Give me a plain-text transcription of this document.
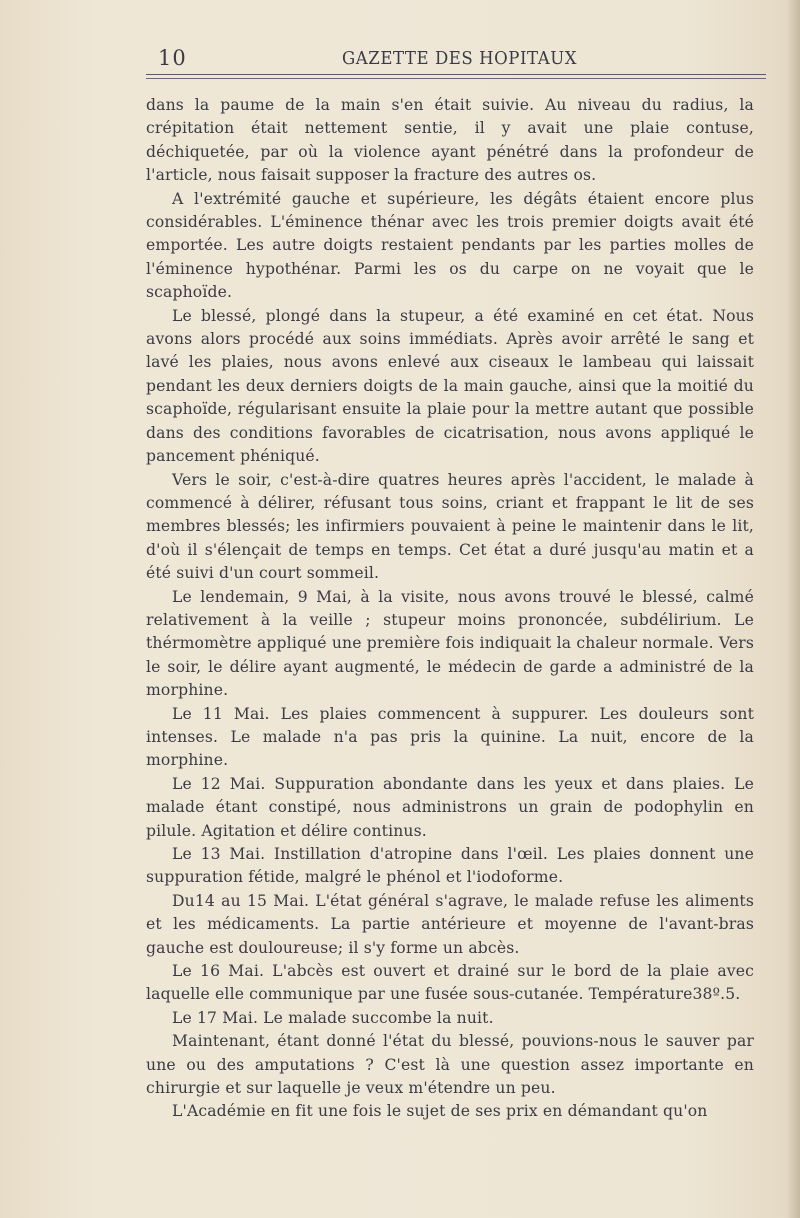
10	GAZETTE DES HOPITAUX

dans la paume de la main s'en était suivie. Au niveau du radius, la crépitation était nettement sentie, il y avait une plaie contuse, déchiquetée, par où la violence ayant pénétré dans la profondeur de l'article, nous faisait supposer la fracture des autres os.

A l'extrémité gauche et supérieure, les dégâts étaient encore plus considérables. L'éminence thénar avec les trois premier doigts avait été emportée. Les autre doigts restaient pendants par les parties molles de l'éminence hypothénar. Parmi les os du carpe on ne voyait que le scaphoïde.

Le blessé, plongé dans la stupeur, a été examiné en cet état. Nous avons alors procédé aux soins immédiats. Après avoir arrêté le sang et lavé les plaies, nous avons enlevé aux ciseaux le lambeau qui laissait pendant les deux derniers doigts de la main gauche, ainsi que la moitié du scaphoïde, régularisant ensuite la plaie pour la mettre autant que possible dans des conditions favorables de cicatrisation, nous avons appliqué le pancement phéniqué.

Vers le soir, c'est-à-dire quatres heures après l'accident, le malade à commencé à délirer, réfusant tous soins, criant et frappant le lit de ses membres blessés; les infirmiers pouvaient à peine le maintenir dans le lit, d'où il s'élençait de temps en temps. Cet état a duré jusqu'au matin et a été suivi d'un court sommeil.

Le lendemain, 9 Mai, à la visite, nous avons trouvé le blessé, calmé relativement à la veille ; stupeur moins prononcée, subdélirium. Le thérmomètre appliqué une première fois indiquait la chaleur normale. Vers le soir, le délire ayant augmenté, le médecin de garde a administré de la morphine.

Le 11 Mai. Les plaies commencent à suppurer. Les douleurs sont intenses. Le malade n'a pas pris la quinine. La nuit, encore de la morphine.

Le 12 Mai. Suppuration abondante dans les yeux et dans plaies. Le malade étant constipé, nous administrons un grain de podophylin en pilule. Agitation et délire continus.

Le 13 Mai. Instillation d'atropine dans l'œil. Les plaies donnent une suppuration fétide, malgré le phénol et l'iodoforme.

Du14 au 15 Mai. L'état général s'agrave, le malade refuse les aliments et les médicaments. La partie antérieure et moyenne de l'avant-bras gauche est douloureuse; il s'y forme un abcès.

Le 16 Mai. L'abcès est ouvert et drainé sur le bord de la plaie avec laquelle elle communique par une fusée sous-cutanée. Température38º.5.

Le 17 Mai. Le malade succombe la nuit.

Maintenant, étant donné l'état du blessé, pouvions-nous le sauver par une ou des amputations ? C'est là une question assez importante en chirurgie et sur laquelle je veux m'étendre un peu.

L'Académie en fit une fois le sujet de ses prix en démandant qu'on
